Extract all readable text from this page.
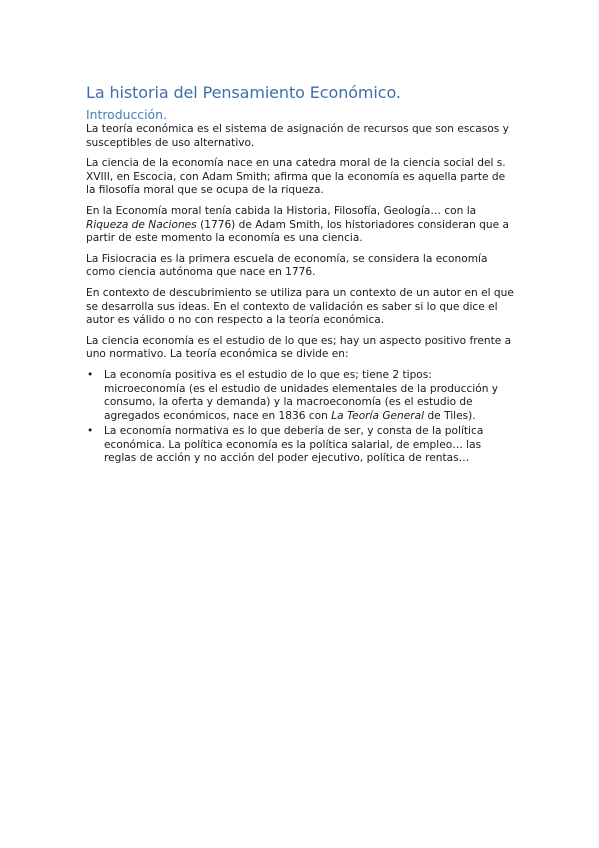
La historia del Pensamiento Económico.
Introducción.

La teoría económica es el sistema de asignación de recursos que son escasos y susceptibles de uso alternativo.

La ciencia de la economía nace en una catedra moral de la ciencia social del s. XVIII, en Escocia, con Adam Smith; afirma que la economía es aquella parte de la filosofía moral que se ocupa de la riqueza.

En la Economía moral tenía cabida la Historia, Filosofía, Geología… con la Riqueza de Naciones (1776) de Adam Smith, los historiadores consideran que a partir de este momento la economía es una ciencia.

La Fisiocracia es la primera escuela de economía, se considera la economía como ciencia autónoma que nace en 1776.

En contexto de descubrimiento se utiliza para un contexto de un autor en el que se desarrolla sus ideas. En el contexto de validación es saber si lo que dice el autor es válido o no con respecto a la teoría económica.

La ciencia economía es el estudio de lo que es; hay un aspecto positivo frente a uno normativo. La teoría económica se divide en:

• La economía positiva es el estudio de lo que es; tiene 2 tipos: microeconomía (es el estudio de unidades elementales de la producción y consumo, la oferta y demanda) y la macroeconomía (es el estudio de agregados económicos, nace en 1836 con La Teoría General de Tiles).
• La economía normativa es lo que debería de ser, y consta de la política económica. La política economía es la política salarial, de empleo… las reglas de acción y no acción del poder ejecutivo, política de rentas…
